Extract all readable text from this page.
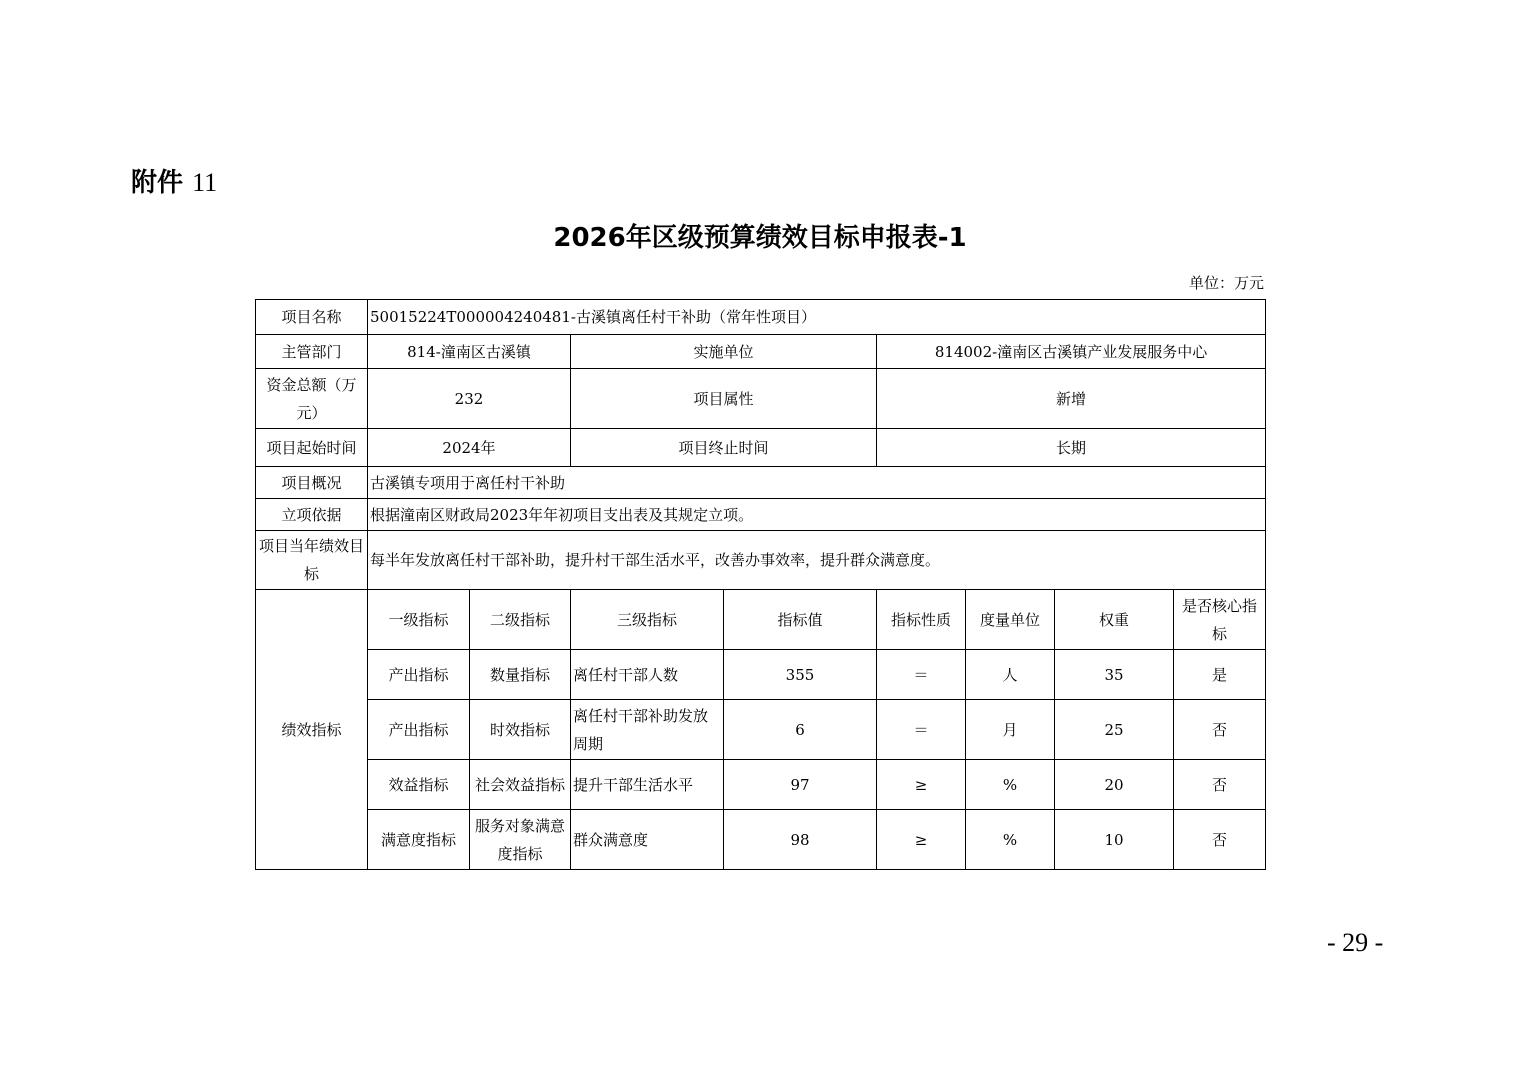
附件 11
2026年区级预算绩效目标申报表-1
单位：万元
项目名称	50015224T000004240481-古溪镇离任村干补助（常年性项目）							
主管部门	814-潼南区古溪镇		实施单位		814002-潼南区古溪镇产业发展服务中心			
资金总额（万元）	232		项目属性		新增			
项目起始时间	2024年		项目终止时间		长期			
项目概况	古溪镇专项用于离任村干补助							
立项依据	根据潼南区财政局2023年年初项目支出表及其规定立项。							
项目当年绩效目标	每半年发放离任村干部补助，提升村干部生活水平，改善办事效率，提升群众满意度。							
绩效指标	一级指标	二级指标	三级指标	指标值	指标性质	度量单位	权重	是否核心指标
	产出指标	数量指标	离任村干部人数	355	＝	人	35	是
	产出指标	时效指标	离任村干部补助发放周期	6	＝	月	25	否
	效益指标	社会效益指标	提升干部生活水平	97	≥	%	20	否
	满意度指标	服务对象满意度指标	群众满意度	98	≥	%	10	否
- 29 -
